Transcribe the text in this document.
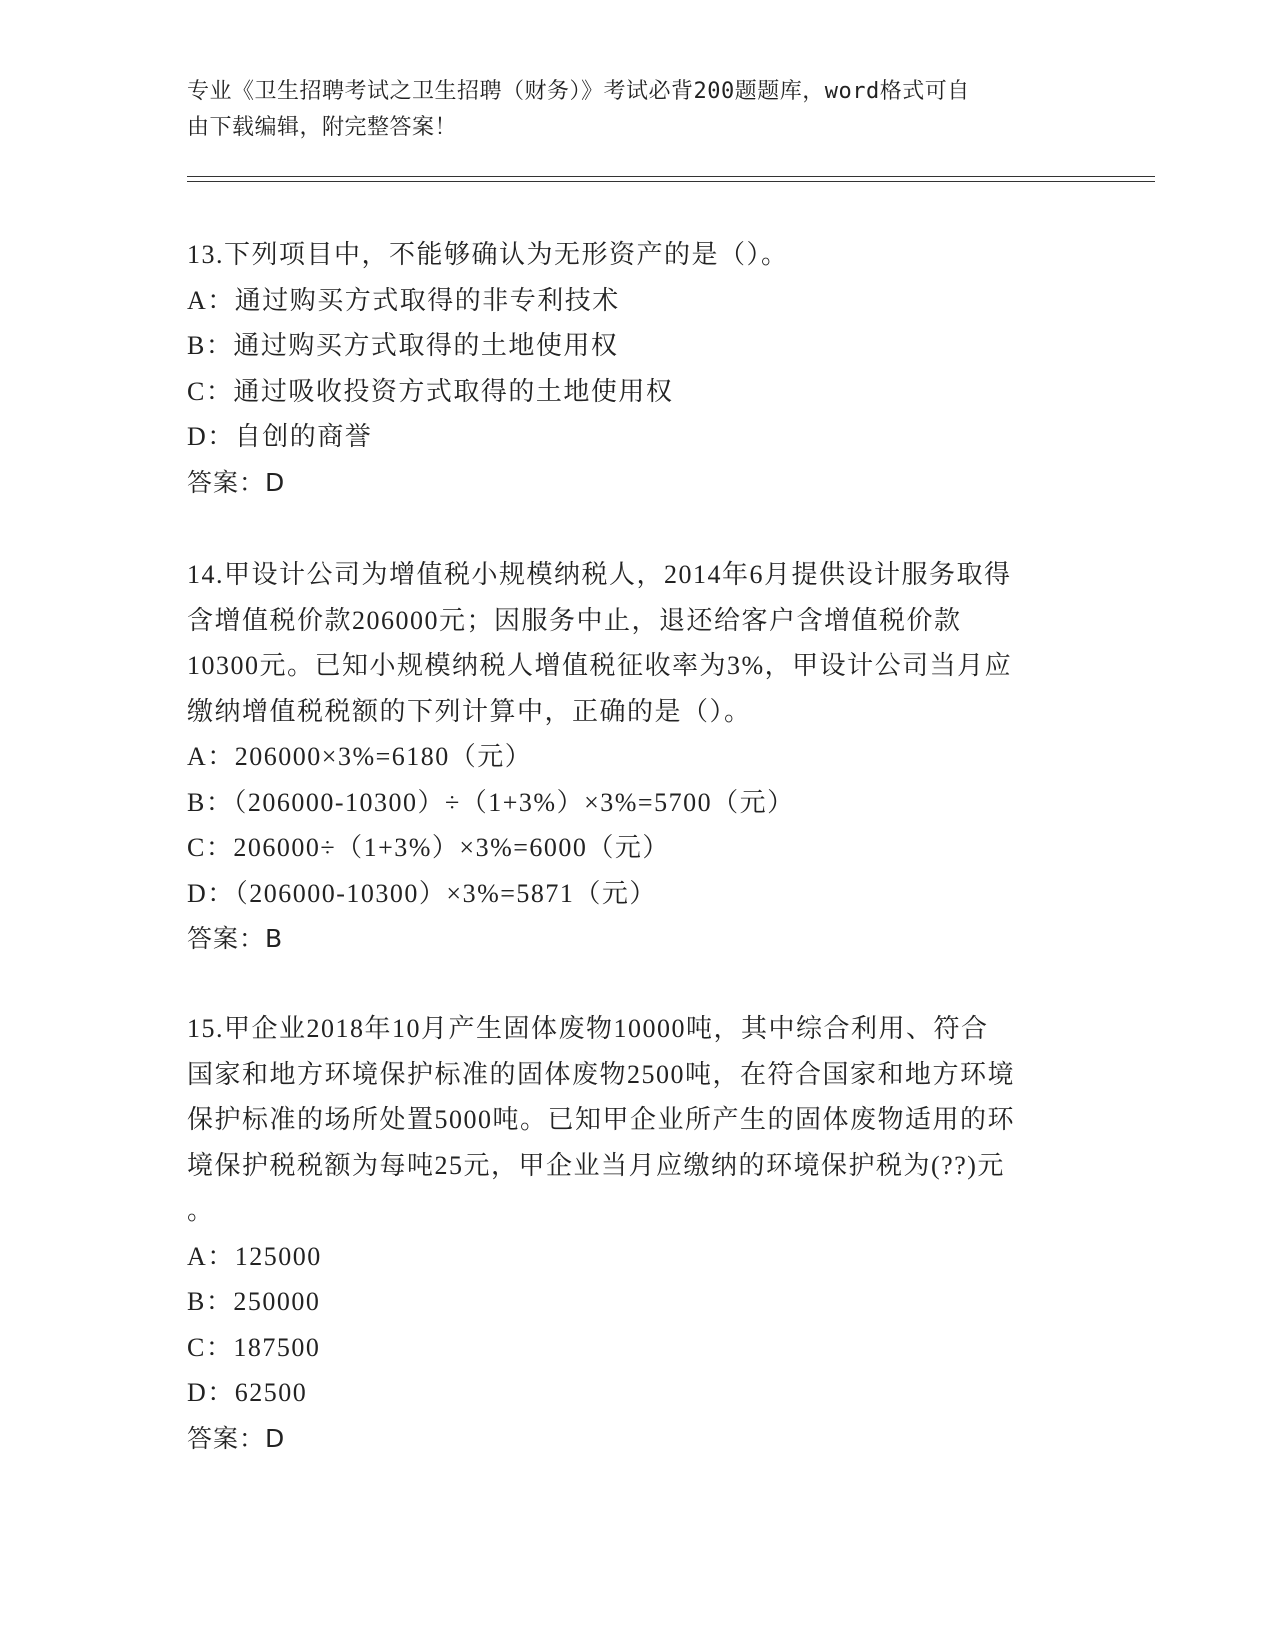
专业《卫生招聘考试之卫生招聘（财务）》考试必背200题题库，word格式可自
由下载编辑，附完整答案！

13.下列项目中，不能够确认为无形资产的是（）。

A：通过购买方式取得的非专利技术

B：通过购买方式取得的土地使用权

C：通过吸收投资方式取得的土地使用权

D：自创的商誉

答案：D

14.甲设计公司为增值税小规模纳税人，2014年6月提供设计服务取得

含增值税价款206000元；因服务中止，退还给客户含增值税价款

10300元。已知小规模纳税人增值税征收率为3%，甲设计公司当月应

缴纳增值税税额的下列计算中，正确的是（）。

A：206000×3%=6180（元）

B：（206000-10300）÷（1+3%）×3%=5700（元）

C：206000÷（1+3%）×3%=6000（元）

D：（206000-10300）×3%=5871（元）

答案：B

15.甲企业2018年10月产生固体废物10000吨，其中综合利用、符合

国家和地方环境保护标准的固体废物2500吨，在符合国家和地方环境

保护标准的场所处置5000吨。已知甲企业所产生的固体废物适用的环

境保护税税额为每吨25元，甲企业当月应缴纳的环境保护税为(??)元

。

A：125000

B：250000

C：187500

D：62500

答案：D
